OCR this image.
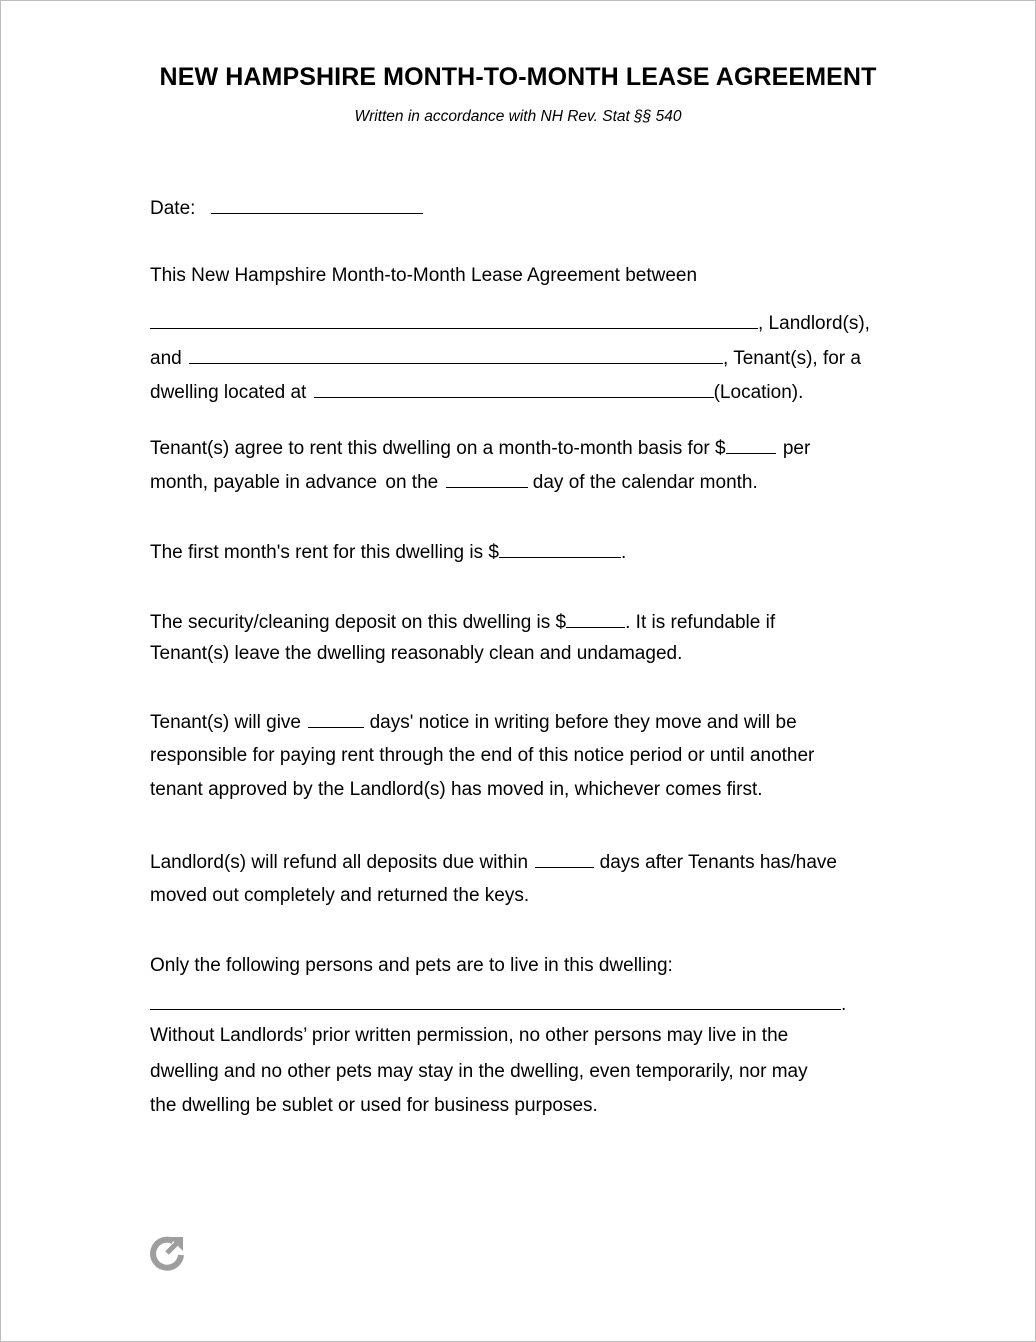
NEW HAMPSHIRE MONTH-TO-MONTH LEASE AGREEMENT
Written in accordance with NH Rev. Stat §§ 540
Date:
This New Hampshire Month-to-Month Lease Agreement between
, Landlord(s),
and	, Tenant(s), for a
dwelling located at	(Location).
Tenant(s) agree to rent this dwelling on a month-to-month basis for $	per
month, payable in advance on the	day of the calendar month.
The first month's rent for this dwelling is $	.
The security/cleaning deposit on this dwelling is $	. It is refundable if
Tenant(s) leave the dwelling reasonably clean and undamaged.
Tenant(s) will give	days' notice in writing before they move and will be
responsible for paying rent through the end of this notice period or until another
tenant approved by the Landlord(s) has moved in, whichever comes first.
Landlord(s) will refund all deposits due within	days after Tenants has/have
moved out completely and returned the keys.
Only the following persons and pets are to live in this dwelling:
.
Without Landlords’ prior written permission, no other persons may live in the
dwelling and no other pets may stay in the dwelling, even temporarily, nor may
the dwelling be sublet or used for business purposes.
